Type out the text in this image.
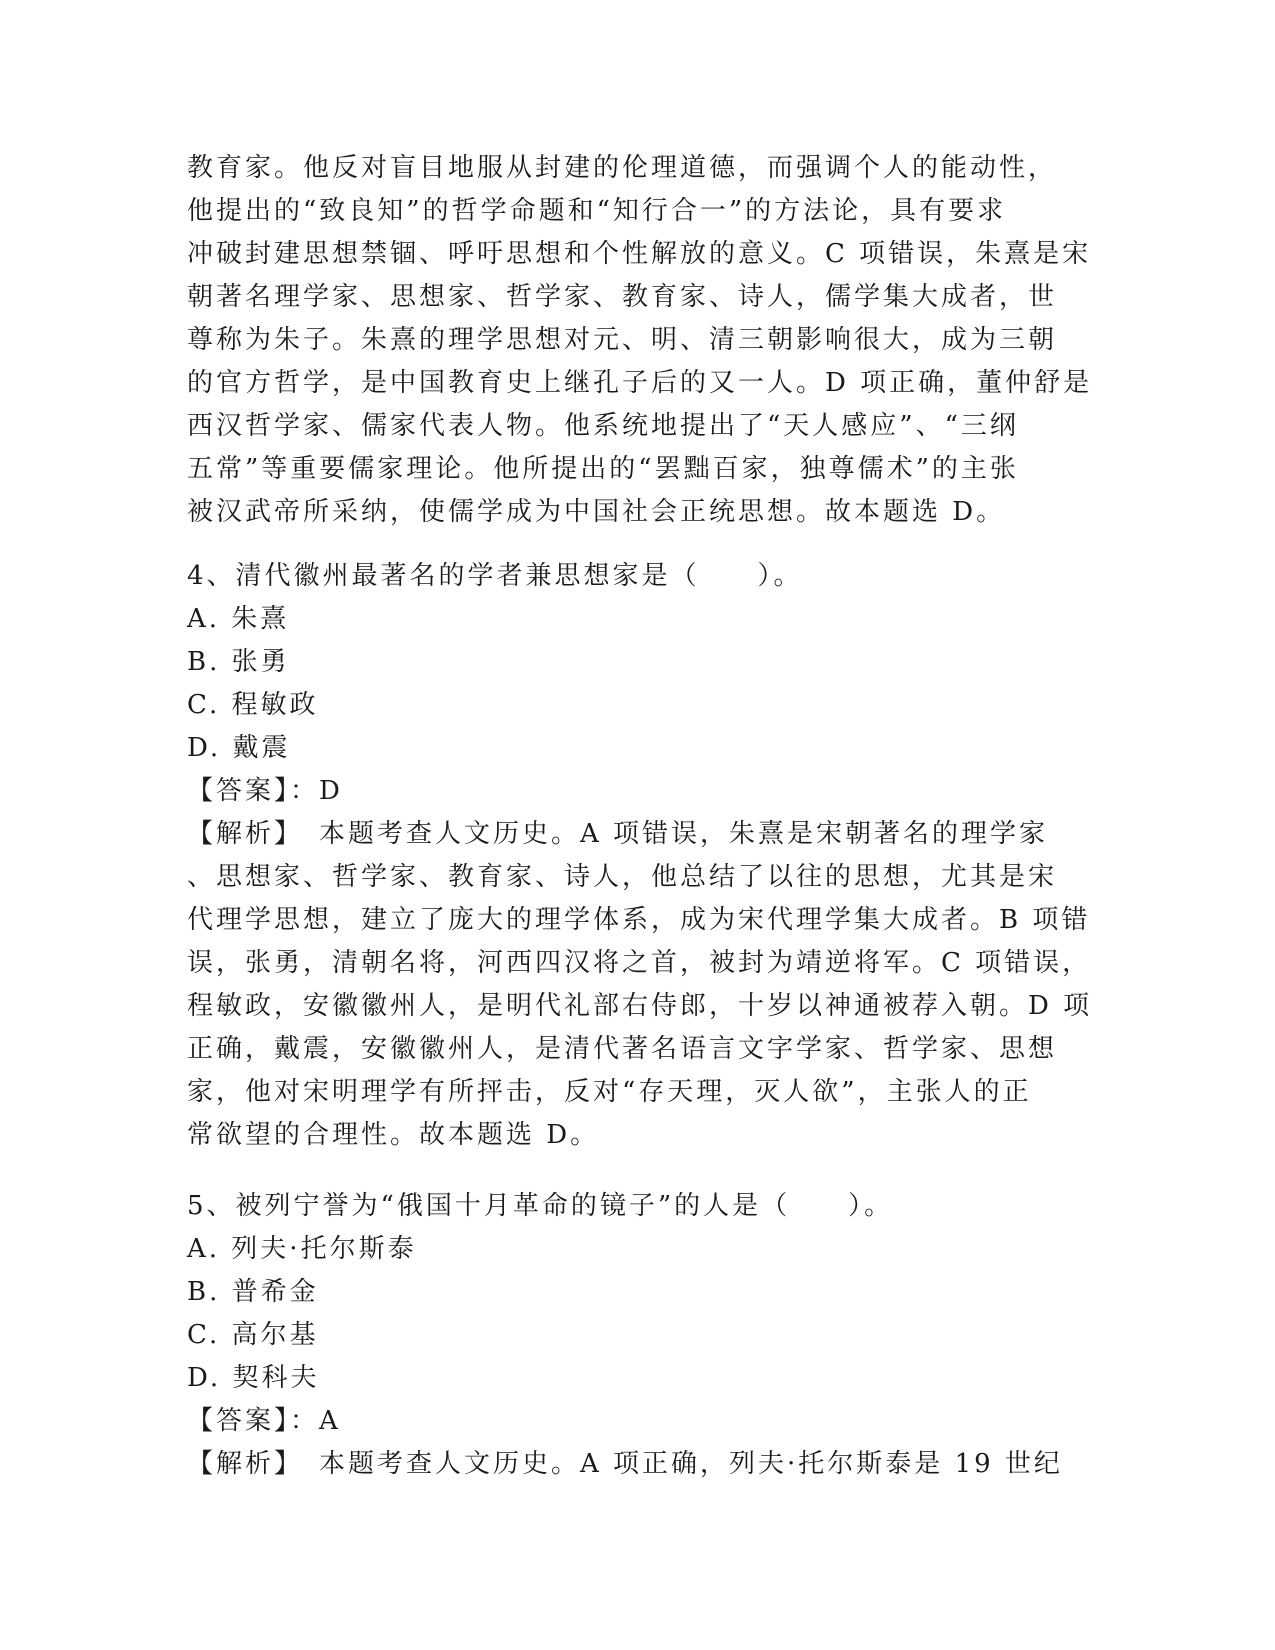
教育家。他反对盲目地服从封建的伦理道德，而强调个人的能动性，
他提出的“致良知”的哲学命题和“知行合一”的方法论，具有要求
冲破封建思想禁锢、呼吁思想和个性解放的意义。C 项错误，朱熹是宋
朝著名理学家、思想家、哲学家、教育家、诗人，儒学集大成者，世
尊称为朱子。朱熹的理学思想对元、明、清三朝影响很大，成为三朝
的官方哲学，是中国教育史上继孔子后的又一人。D 项正确，董仲舒是
西汉哲学家、儒家代表人物。他系统地提出了“天人感应”、“三纲
五常”等重要儒家理论。他所提出的“罢黜百家，独尊儒术”的主张
被汉武帝所采纳，使儒学成为中国社会正统思想。故本题选 D。
4、清代徽州最著名的学者兼思想家是（　　）。
A. 朱熹
B. 张勇
C. 程敏政
D. 戴震
【答案】：D
【解析】　本题考查人文历史。A 项错误，朱熹是宋朝著名的理学家
、思想家、哲学家、教育家、诗人，他总结了以往的思想，尤其是宋
代理学思想，建立了庞大的理学体系，成为宋代理学集大成者。B 项错
误，张勇，清朝名将，河西四汉将之首，被封为靖逆将军。C 项错误，
程敏政，安徽徽州人，是明代礼部右侍郎，十岁以神通被荐入朝。D 项
正确，戴震，安徽徽州人，是清代著名语言文字学家、哲学家、思想
家，他对宋明理学有所抨击，反对“存天理，灭人欲”，主张人的正
常欲望的合理性。故本题选 D。
5、被列宁誉为“俄国十月革命的镜子”的人是（　　）。
A. 列夫·托尔斯泰
B. 普希金
C. 高尔基
D. 契科夫
【答案】：A
【解析】　本题考查人文历史。A 项正确，列夫·托尔斯泰是 19 世纪
